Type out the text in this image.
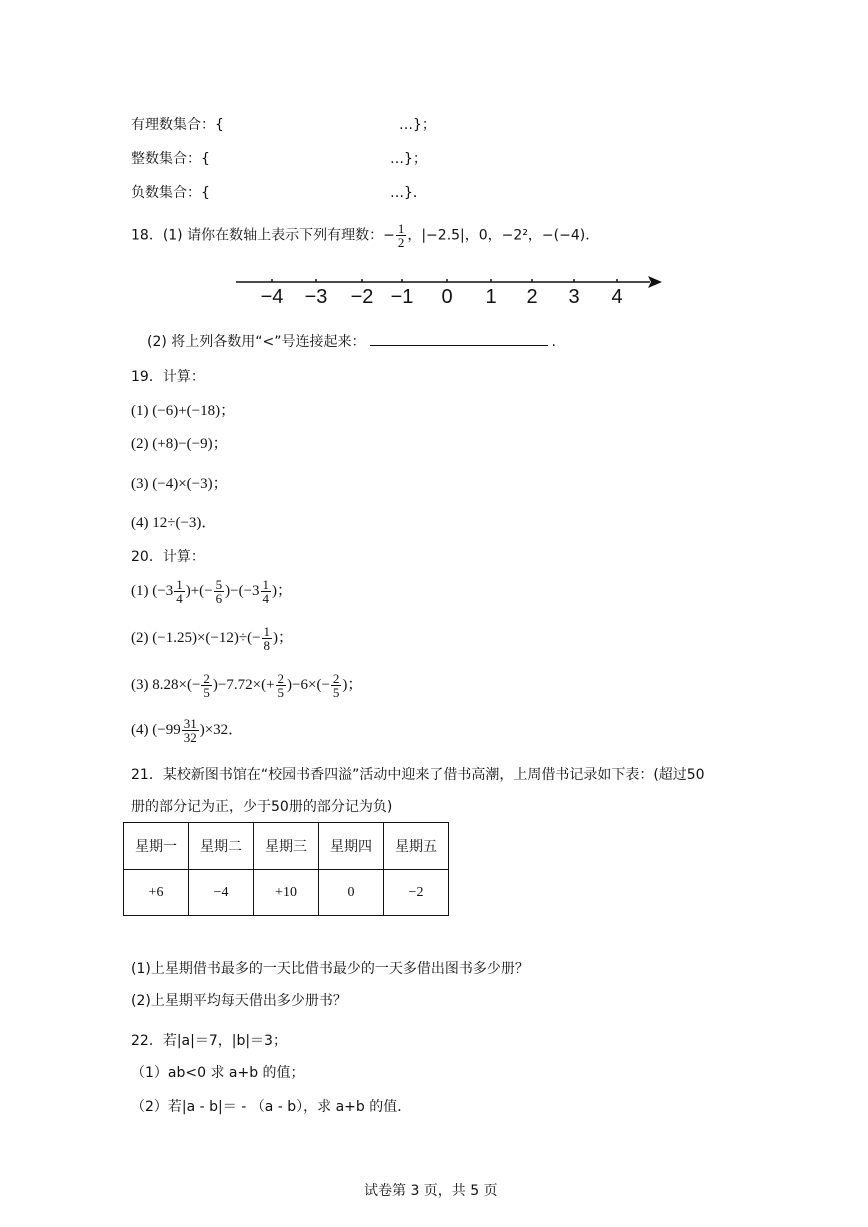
有理数集合：{	…}；
整数集合：{	…}；
负数集合：{	…}．
18．(1) 请你在数轴上表示下列有理数：− $\frac{1}{2}$ ，|−2.5|，0，−2²，−(−4)．
−4 −3 −2 −1 0 1 2 3 4
(2) 将上列各数用“<”号连接起来：	.
19．计算：
(1) (−6)+(−18)；
(2) (+8)−(−9)；
(3) (−4)×(−3)；
(4) 12÷(−3)．
20．计算：
(1) ($-3 \frac{1}{4}$ )+(− $\frac{5}{6} )-(-3 \frac{1}{4}$ )；
(2) $(-1.25)\times(-12)\div(- \frac{1}{8}$ )；
(3) $8.28\times(- \frac{2}{5} )-7.72\times(+ \frac{2}{5} )-6\times(- \frac{2}{5}$ )；
(4) $(-99 \frac{31}{32} )\times 32$．
21．某校新图书馆在“校园书香四溢”活动中迎来了借书高潮，上周借书记录如下表：(超过50
册的部分记为正，少于50册的部分记为负)
星期一	星期二	星期三	星期四	星期五
+6	−4	+10	0	−2
(1)上星期借书最多的一天比借书最少的一天多借出图书多少册？
(2)上星期平均每天借出多少册书？
22．若|a|＝7，|b|＝3；
（1）ab<0 求 a+b 的值；
（2）若|a - b|＝ - （a - b），求 a+b 的值．
试卷第 3 页，共 5 页
